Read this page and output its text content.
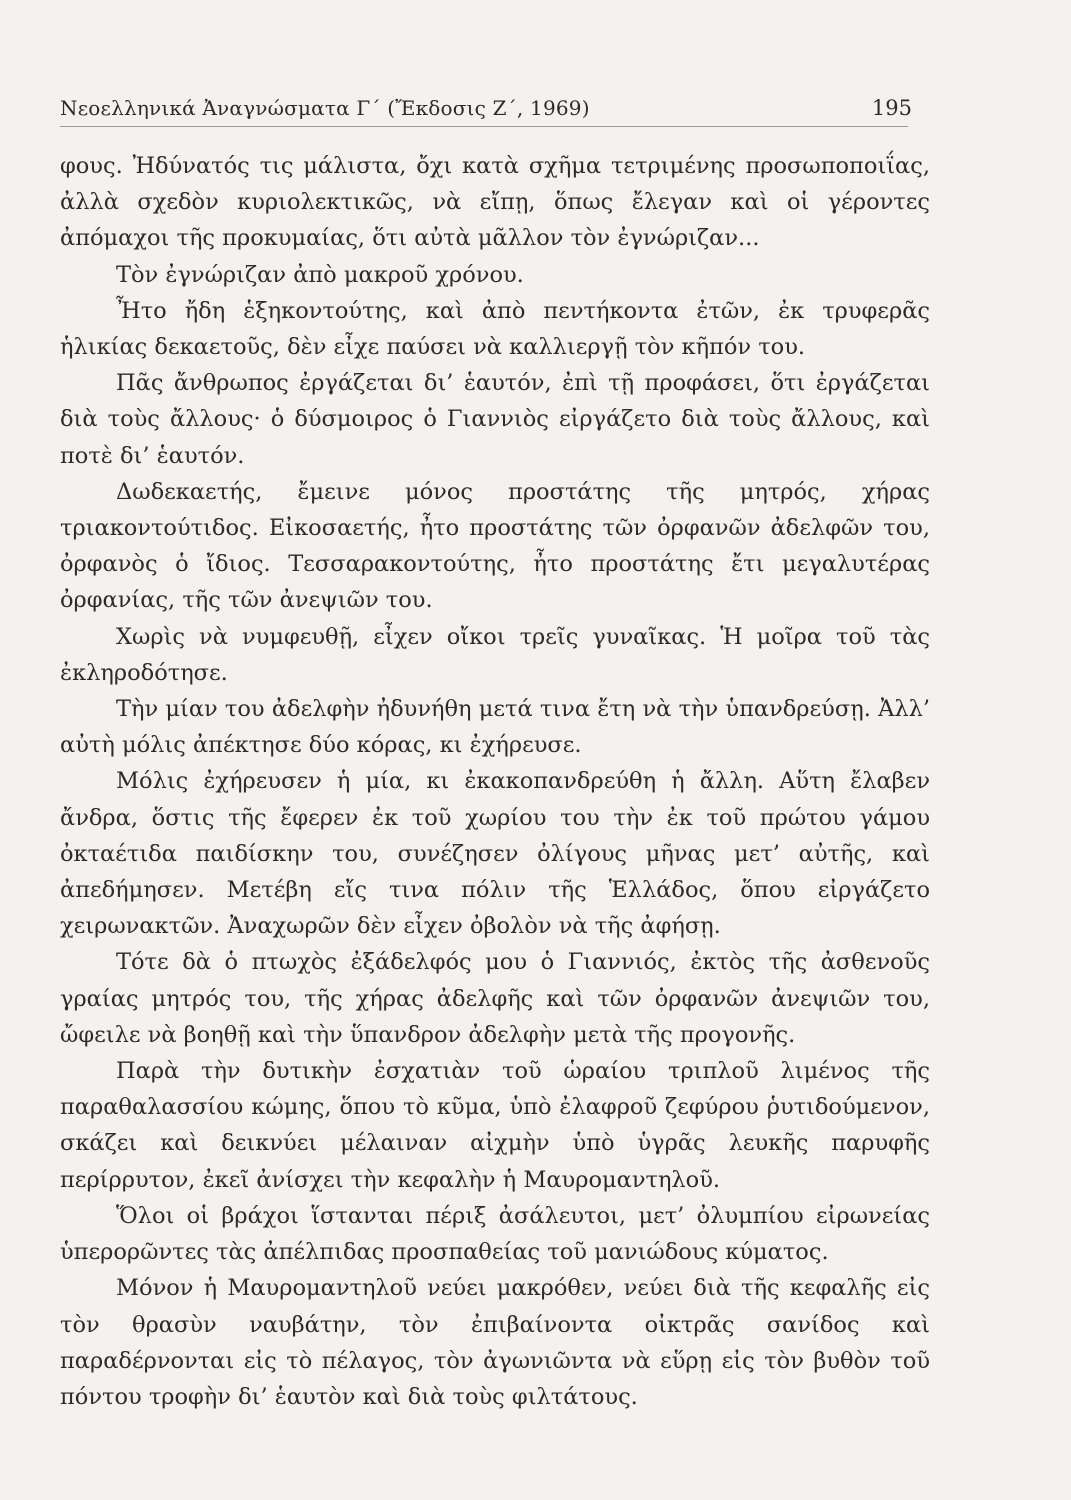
Νεοελληνικά Ἀναγνώσματα Γ΄ (Ἔκδοσις Ζ΄, 1969)	195

φους. Ἠδύνατός τις μάλιστα, ὄχι κατὰ σχῆμα τετριμένης προσωποποιΐας, ἀλλὰ σχεδὸν κυριολεκτικῶς, νὰ εἴπῃ, ὅπως ἔλεγαν καὶ οἱ γέροντες ἀπόμαχοι τῆς προκυμαίας, ὅτι αὐτὰ μᾶλλον τὸν ἐγνώριζαν...

Τὸν ἐγνώριζαν ἀπὸ μακροῦ χρόνου.

Ἦτο ἤδη ἑξηκοντούτης, καὶ ἀπὸ πεντήκοντα ἐτῶν, ἐκ τρυφερᾶς ἡλικίας δεκαετοῦς, δὲν εἶχε παύσει νὰ καλλιεργῇ τὸν κῆπόν του.

Πᾶς ἄνθρωπος ἐργάζεται δι’ ἑαυτόν, ἐπὶ τῇ προφάσει, ὅτι ἐργάζεται διὰ τοὺς ἄλλους· ὁ δύσμοιρος ὁ Γιαννιὸς εἰργάζετο διὰ τοὺς ἄλλους, καὶ ποτὲ δι’ ἑαυτόν.

Δωδεκαετής, ἔμεινε μόνος προστάτης τῆς μητρός, χήρας τριακοντούτιδος. Εἰκοσαετής, ἦτο προστάτης τῶν ὀρφανῶν ἀδελφῶν του, ὀρφανὸς ὁ ἴδιος. Τεσσαρακοντούτης, ἦτο προστάτης ἔτι μεγαλυτέρας ὀρφανίας, τῆς τῶν ἀνεψιῶν του.

Χωρὶς νὰ νυμφευθῇ, εἶχεν οἴκοι τρεῖς γυναῖκας. Ἡ μοῖρα τοῦ τὰς ἐκληροδότησε.

Τὴν μίαν του ἀδελφὴν ἠδυνήθη μετά τινα ἔτη νὰ τὴν ὑπανδρεύσῃ. Ἀλλ’ αὐτὴ μόλις ἀπέκτησε δύο κόρας, κι ἐχήρευσε.

Μόλις ἐχήρευσεν ἡ μία, κι ἐκακοπανδρεύθη ἡ ἄλλη. Αὕτη ἔλαβεν ἄνδρα, ὅστις τῆς ἔφερεν ἐκ τοῦ χωρίου του τὴν ἐκ τοῦ πρώτου γάμου ὀκταέτιδα παιδίσκην του, συνέζησεν ὀλίγους μῆνας μετ’ αὐτῆς, καὶ ἀπεδήμησεν. Μετέβη εἴς τινα πόλιν τῆς Ἑλλάδος, ὅπου εἰργάζετο χειρωνακτῶν. Ἀναχωρῶν δὲν εἶχεν ὀβολὸν νὰ τῆς ἀφήσῃ.

Τότε δὰ ὁ πτωχὸς ἐξάδελφός μου ὁ Γιαννιός, ἐκτὸς τῆς ἀσθενοῦς γραίας μητρός του, τῆς χήρας ἀδελφῆς καὶ τῶν ὀρφανῶν ἀνεψιῶν του, ὤφειλε νὰ βοηθῇ καὶ τὴν ὕπανδρον ἀδελφὴν μετὰ τῆς προγονῆς.

Παρὰ τὴν δυτικὴν ἐσχατιὰν τοῦ ὡραίου τριπλοῦ λιμένος τῆς παραθαλασσίου κώμης, ὅπου τὸ κῦμα, ὑπὸ ἐλαφροῦ ζεφύρου ῥυτιδούμενον, σκάζει καὶ δεικνύει μέλαιναν αἰχμὴν ὑπὸ ὑγρᾶς λευκῆς παρυφῆς περίρρυτον, ἐκεῖ ἀνίσχει τὴν κεφαλὴν ἡ Μαυρομαντηλοῦ.

Ὅλοι οἱ βράχοι ἵστανται πέριξ ἀσάλευτοι, μετ’ ὀλυμπίου εἰρωνείας ὑπερορῶντες τὰς ἀπέλπιδας προσπαθείας τοῦ μανιώδους κύματος.

Μόνον ἡ Μαυρομαντηλοῦ νεύει μακρόθεν, νεύει διὰ τῆς κεφαλῆς εἰς τὸν θρασὺν ναυβάτην, τὸν ἐπιβαίνοντα οἰκτρᾶς σανίδος καὶ παραδέρνονται εἰς τὸ πέλαγος, τὸν ἀγωνιῶντα νὰ εὕρῃ εἰς τὸν βυθὸν τοῦ πόντου τροφὴν δι’ ἑαυτὸν καὶ διὰ τοὺς φιλτάτους.
